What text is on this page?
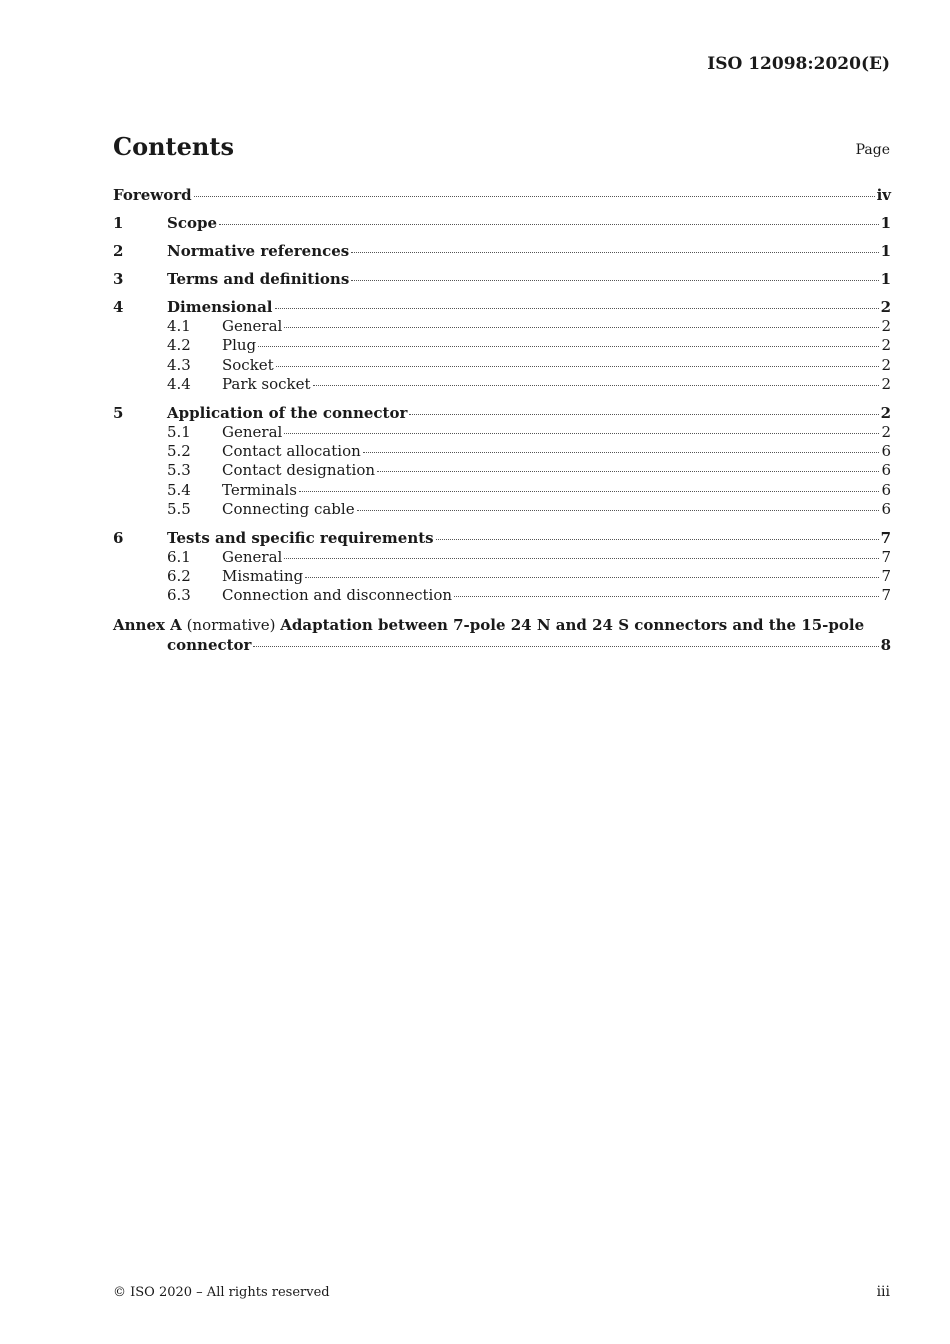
ISO 12098:2020(E)
Contents	Page
Foreword	iv
1	Scope	1
2	Normative references	1
3	Terms and definitions	1
4	Dimensional	2
4.1	General	2
4.2	Plug	2
4.3	Socket	2
4.4	Park socket	2
5	Application of the connector	2
5.1	General	2
5.2	Contact allocation	6
5.3	Contact designation	6
5.4	Terminals	6
5.5	Connecting cable	6
6	Tests and specific requirements	7
6.1	General	7
6.2	Mismating	7
6.3	Connection and disconnection	7
Annex A (normative) Adaptation between 7-pole 24 N and 24 S connectors and the 15-pole
connector	8
© ISO 2020 – All rights reserved	iii
